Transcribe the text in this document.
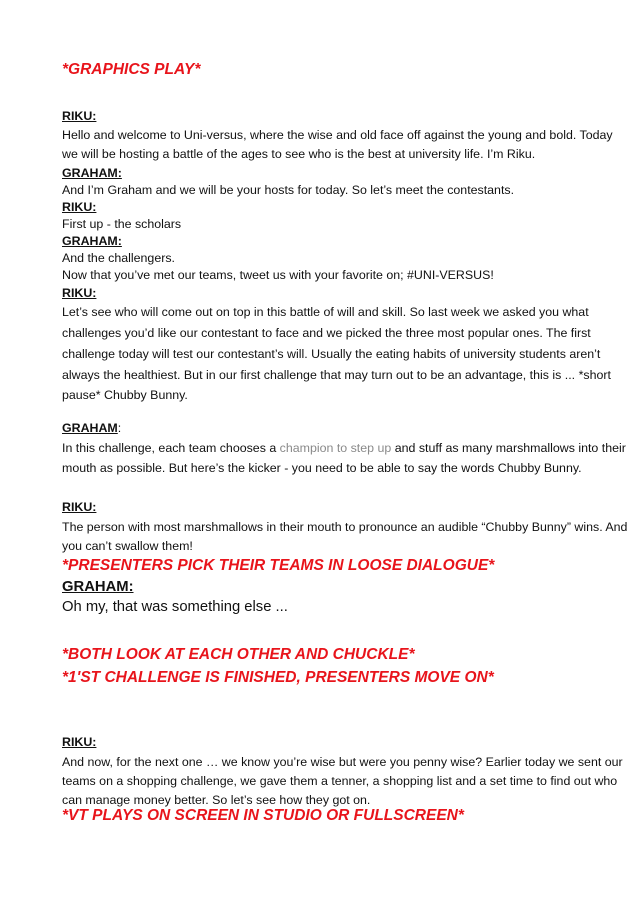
*GRAPHICS PLAY*
RIKU:
Hello and welcome to Uni-versus, where the wise and old face off against the young and bold. Today
we will be hosting a battle of the ages to see who is the best at university life. I’m Riku.
GRAHAM:
And I’m Graham and we will be your hosts for today. So let’s meet the contestants.
RIKU:
First up - the scholars
GRAHAM:
And the challengers.
Now that you’ve met our teams, tweet us with your favorite on; #UNI-VERSUS!
RIKU:
Let’s see who will come out on top in this battle of will and skill. So last week we asked you what
challenges you’d like our contestant to face and we picked the three most popular ones. The first
challenge today will test our contestant’s will. Usually the eating habits of university students aren’t
always the healthiest. But in our first challenge that may turn out to be an advantage, this is ... *short
pause* Chubby Bunny.
GRAHAM:
In this challenge, each team chooses a champion to step up and stuff as many marshmallows into their
mouth as possible. But here’s the kicker - you need to be able to say the words Chubby Bunny.
RIKU:
The person with most marshmallows in their mouth to pronounce an audible “Chubby Bunny” wins. And
you can’t swallow them!
*PRESENTERS PICK THEIR TEAMS IN LOOSE DIALOGUE*
GRAHAM:
Oh my, that was something else ...
*BOTH LOOK AT EACH OTHER AND CHUCKLE*
*1'ST CHALLENGE IS FINISHED, PRESENTERS MOVE ON*
RIKU:
And now, for the next one … we know you’re wise but were you penny wise? Earlier today we sent our
teams on a shopping challenge, we gave them a tenner, a shopping list and a set time to find out who
can manage money better. So let’s see how they got on.
*VT PLAYS ON SCREEN IN STUDIO OR FULLSCREEN*
